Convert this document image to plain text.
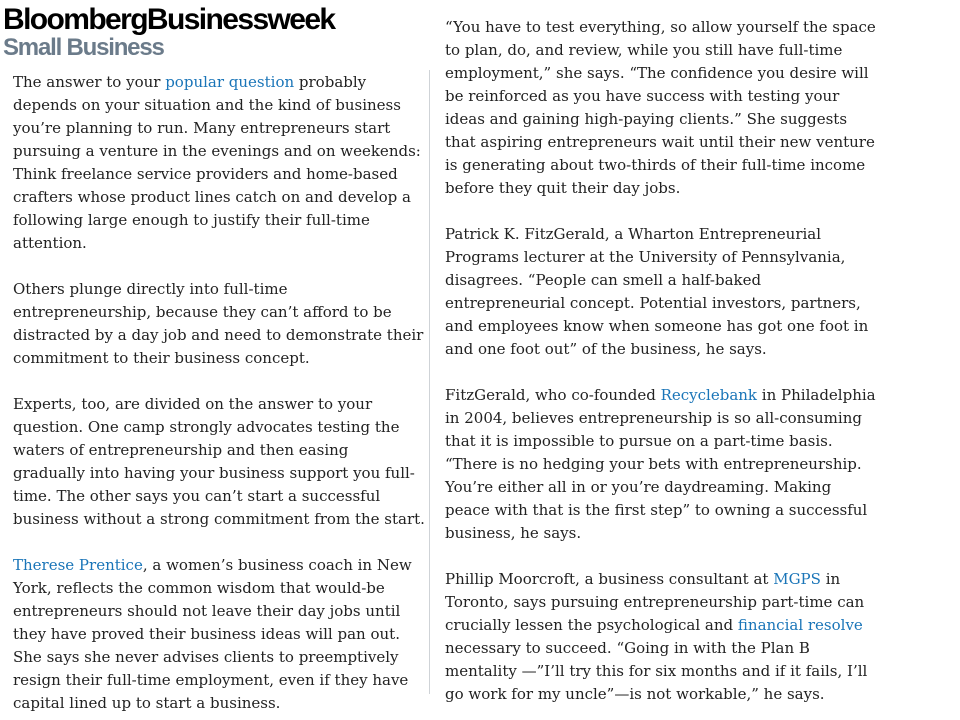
BloombergBusinessweek
Small Business

The answer to your popular question probably depends on your situation and the kind of business you’re planning to run. Many entrepreneurs start pursuing a venture in the evenings and on weekends: Think freelance service providers and home-based crafters whose product lines catch on and develop a following large enough to justify their full-time attention.

Others plunge directly into full-time entrepreneurship, because they can’t afford to be distracted by a day job and need to demonstrate their commitment to their business concept.

Experts, too, are divided on the answer to your question. One camp strongly advocates testing the waters of entrepreneurship and then easing gradually into having your business support you full-time. The other says you can’t start a successful business without a strong commitment from the start.

Therese Prentice, a women’s business coach in New York, reflects the common wisdom that would-be entrepreneurs should not leave their day jobs until they have proved their business ideas will pan out. She says she never advises clients to preemptively resign their full-time employment, even if they have capital lined up to start a business.

“You have to test everything, so allow yourself the space to plan, do, and review, while you still have full-time employment,” she says. “The confidence you desire will be reinforced as you have success with testing your ideas and gaining high-paying clients.” She suggests that aspiring entrepreneurs wait until their new venture is generating about two-thirds of their full-time income before they quit their day jobs.

Patrick K. FitzGerald, a Wharton Entrepreneurial Programs lecturer at the University of Pennsylvania, disagrees. “People can smell a half-baked entrepreneurial concept. Potential investors, partners, and employees know when someone has got one foot in and one foot out” of the business, he says.

FitzGerald, who co-founded Recyclebank in Philadelphia in 2004, believes entrepreneurship is so all-consuming that it is impossible to pursue on a part-time basis. “There is no hedging your bets with entrepreneurship. You’re either all in or you’re daydreaming. Making peace with that is the first step” to owning a successful business, he says.

Phillip Moorcroft, a business consultant at MGPS in Toronto, says pursuing entrepreneurship part-time can crucially lessen the psychological and financial resolve necessary to succeed. “Going in with the Plan B mentality —”I’ll try this for six months and if it fails, I’ll go work for my uncle”—is not workable,” he says.
